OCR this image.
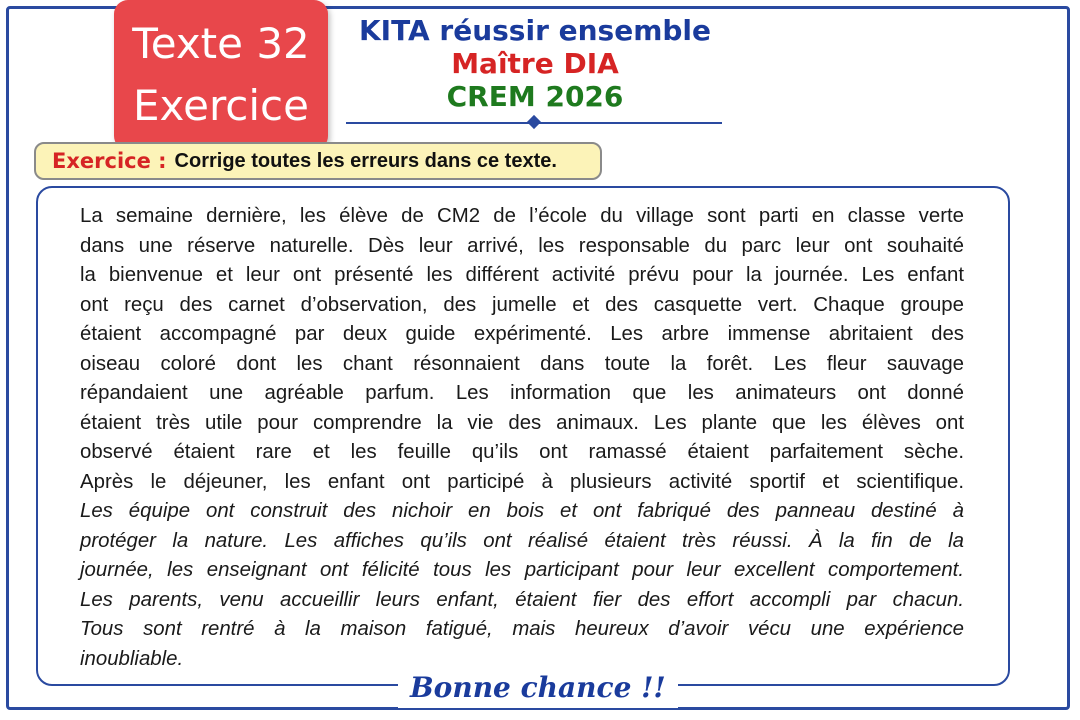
Texte 32
Exercice
KITA réussir ensemble
Maître DIA
CREM 2026
Exercice : Corrige toutes les erreurs dans ce texte.
La semaine dernière, les élève de CM2 de l’école du village sont parti en classe verte
dans une réserve naturelle. Dès leur arrivé, les responsable du parc leur ont souhaité
la bienvenue et leur ont présenté les différent activité prévu pour la journée. Les enfant
ont reçu des carnet d’observation, des jumelle et des casquette vert. Chaque groupe
étaient accompagné par deux guide expérimenté. Les arbre immense abritaient des
oiseau coloré dont les chant résonnaient dans toute la forêt. Les fleur sauvage
répandaient une agréable parfum. Les information que les animateurs ont donné
étaient très utile pour comprendre la vie des animaux. Les plante que les élèves ont
observé étaient rare et les feuille qu’ils ont ramassé étaient parfaitement sèche.
Après le déjeuner, les enfant ont participé à plusieurs activité sportif et scientifique.
Les équipe ont construit des nichoir en bois et ont fabriqué des panneau destiné à
protéger la nature. Les affiches qu’ils ont réalisé étaient très réussi. À la fin de la
journée, les enseignant ont félicité tous les participant pour leur excellent comportement.
Les parents, venu accueillir leurs enfant, étaient fier des effort accompli par chacun.
Tous sont rentré à la maison fatigué, mais heureux d’avoir vécu une expérience
inoubliable.
Bonne chance !!
